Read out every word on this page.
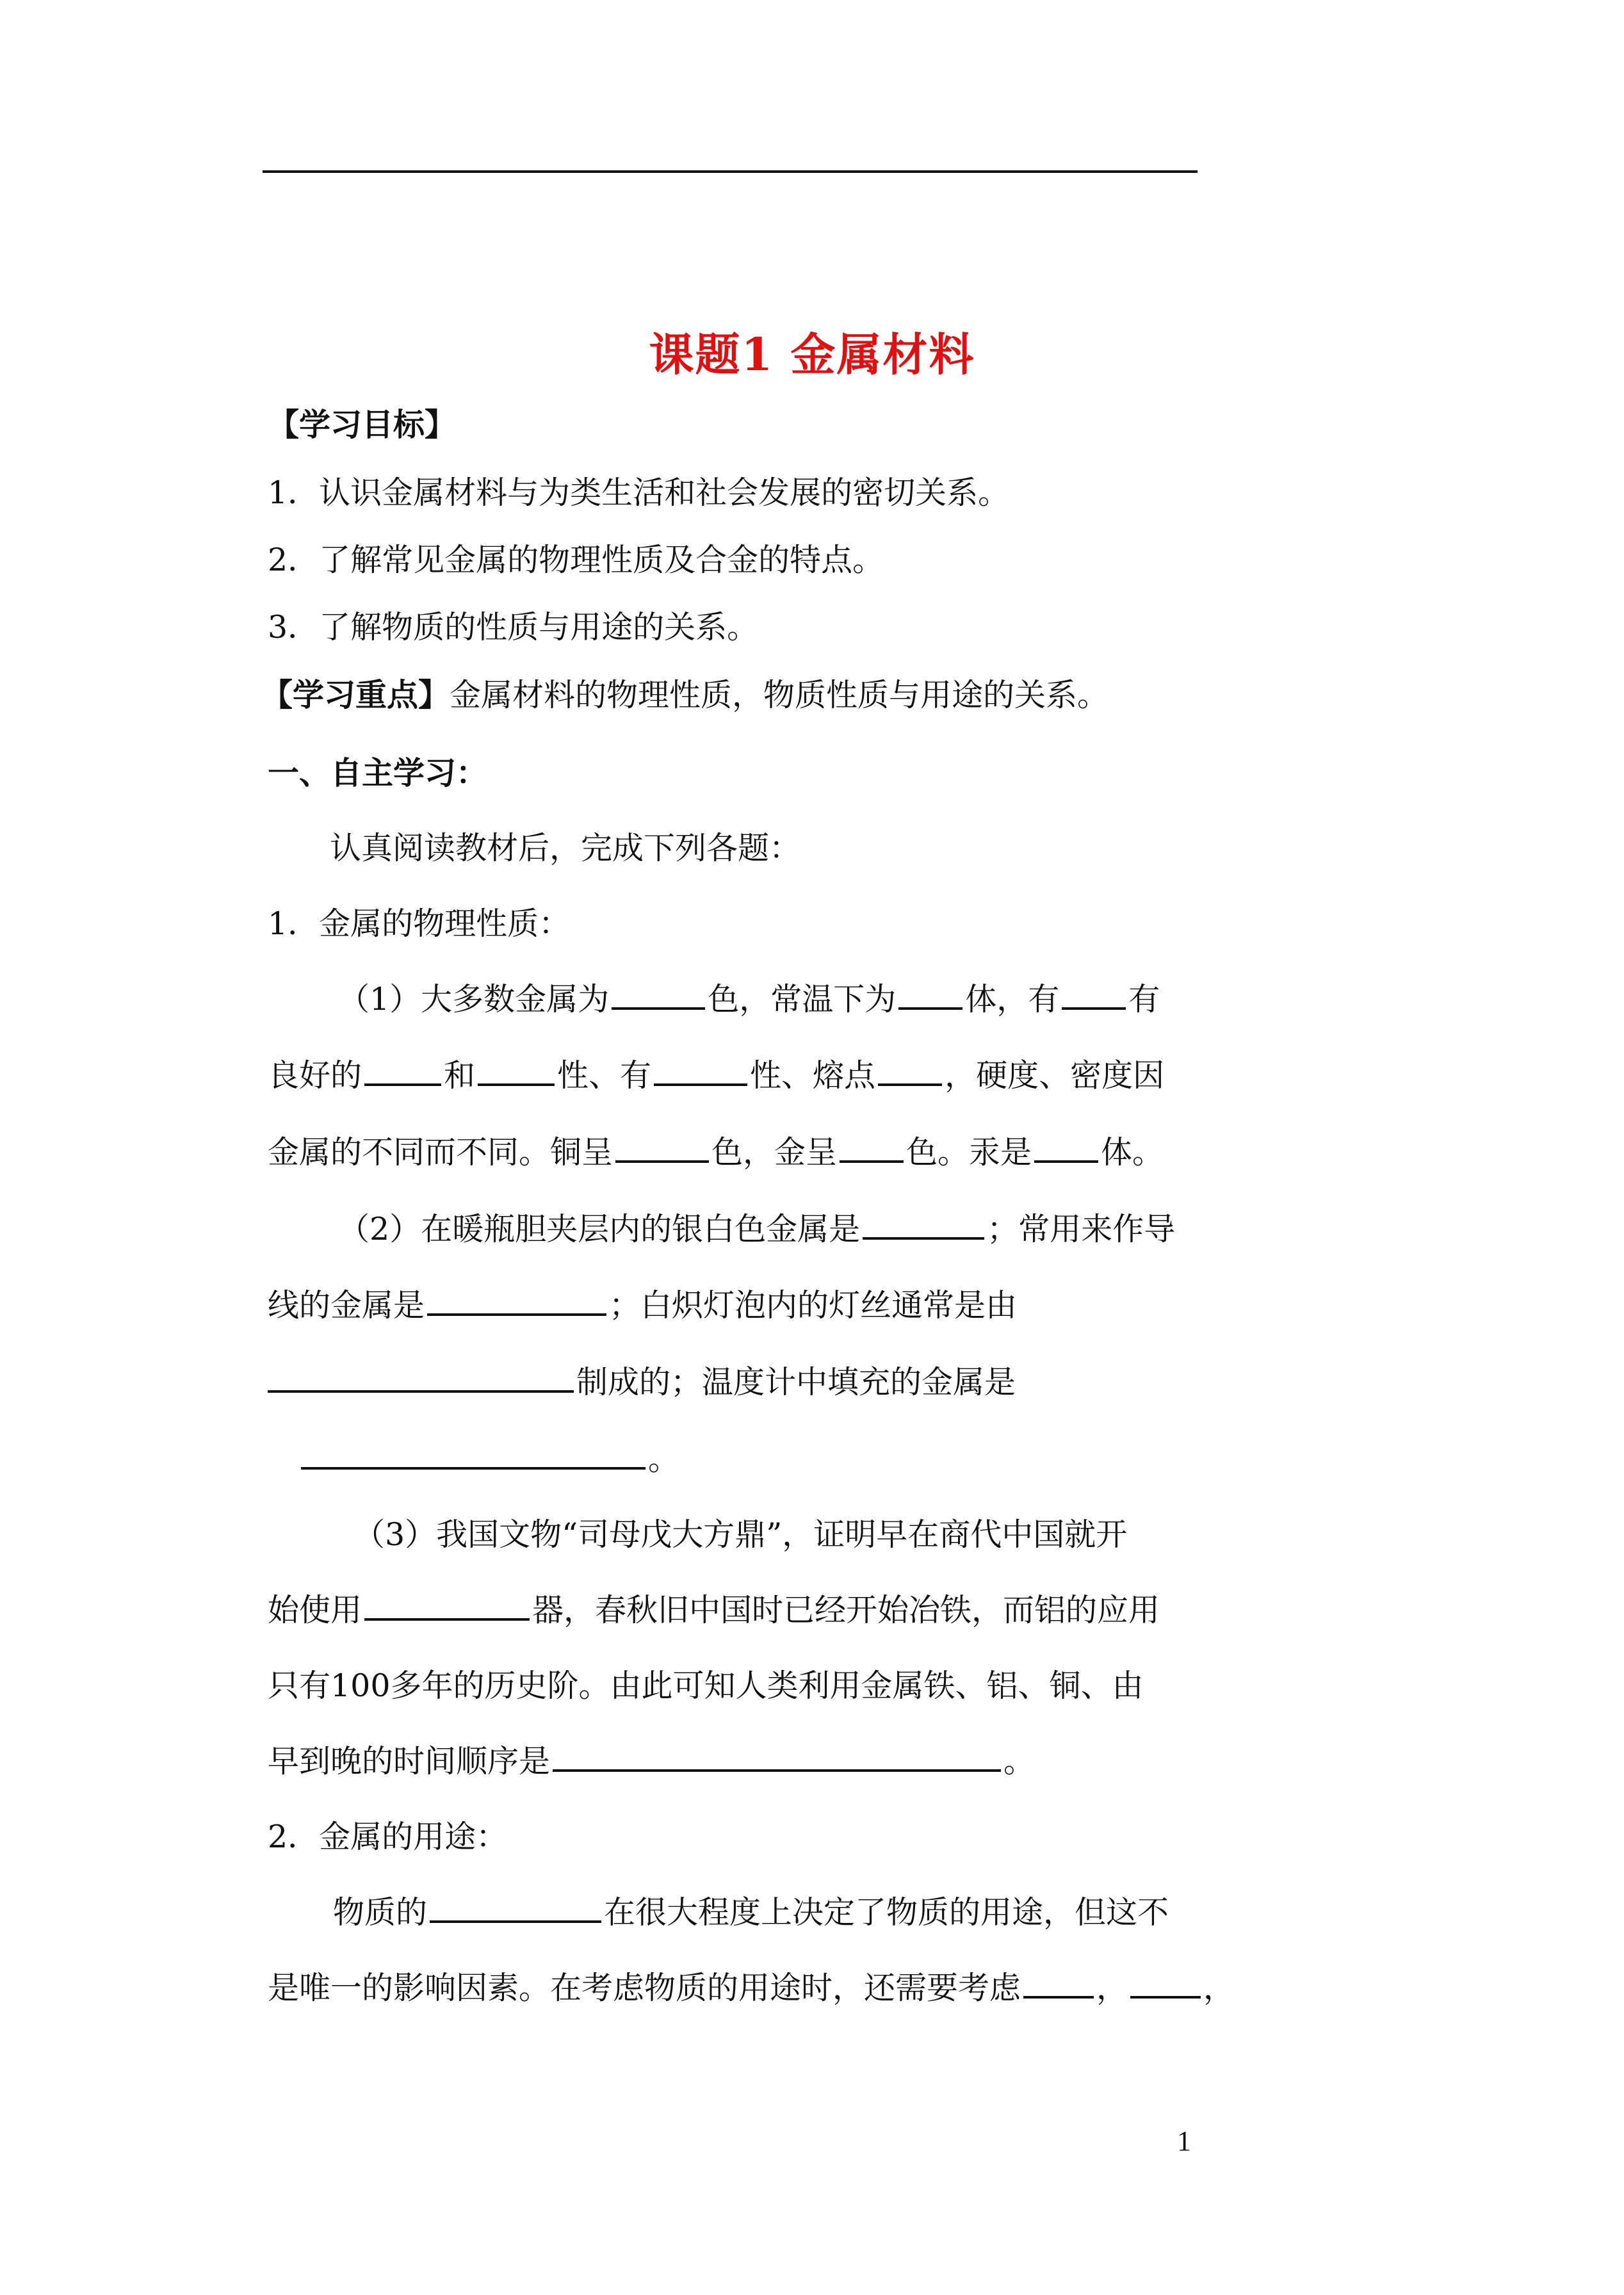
课题1 金属材料
【学习目标】
1．认识金属材料与为类生活和社会发展的密切关系。
2．了解常见金属的物理性质及合金的特点。
3．了解物质的性质与用途的关系。
【学习重点】金属材料的物理性质，物质性质与用途的关系。
一、自主学习：
认真阅读教材后，完成下列各题：
1．金属的物理性质：
（1）大多数金属为	色，常温下为 体，有 有
良好的	和	性、有	性、熔点 ，硬度、密度因
金属的不同而不同。铜呈	色，金呈 色。汞是 体。
（2）在暖瓶胆夹层内的银白色金属是	；常用来作导
线的金属是	；白炽灯泡内的灯丝通常是由
制成的；温度计中填充的金属是
。
（3）我国文物“司母戊大方鼎”，证明早在商代中国就开
始使用	器，春秋旧中国时已经开始冶铁，而铝的应用
只有100多年的历史阶。由此可知人类利用金属铁、铝、铜、由
早到晚的时间顺序是	。
2．金属的用途：
物质的	在很大程度上决定了物质的用途，但这不
是唯一的影响因素。在考虑物质的用途时，还需要考虑 ， ，
1
